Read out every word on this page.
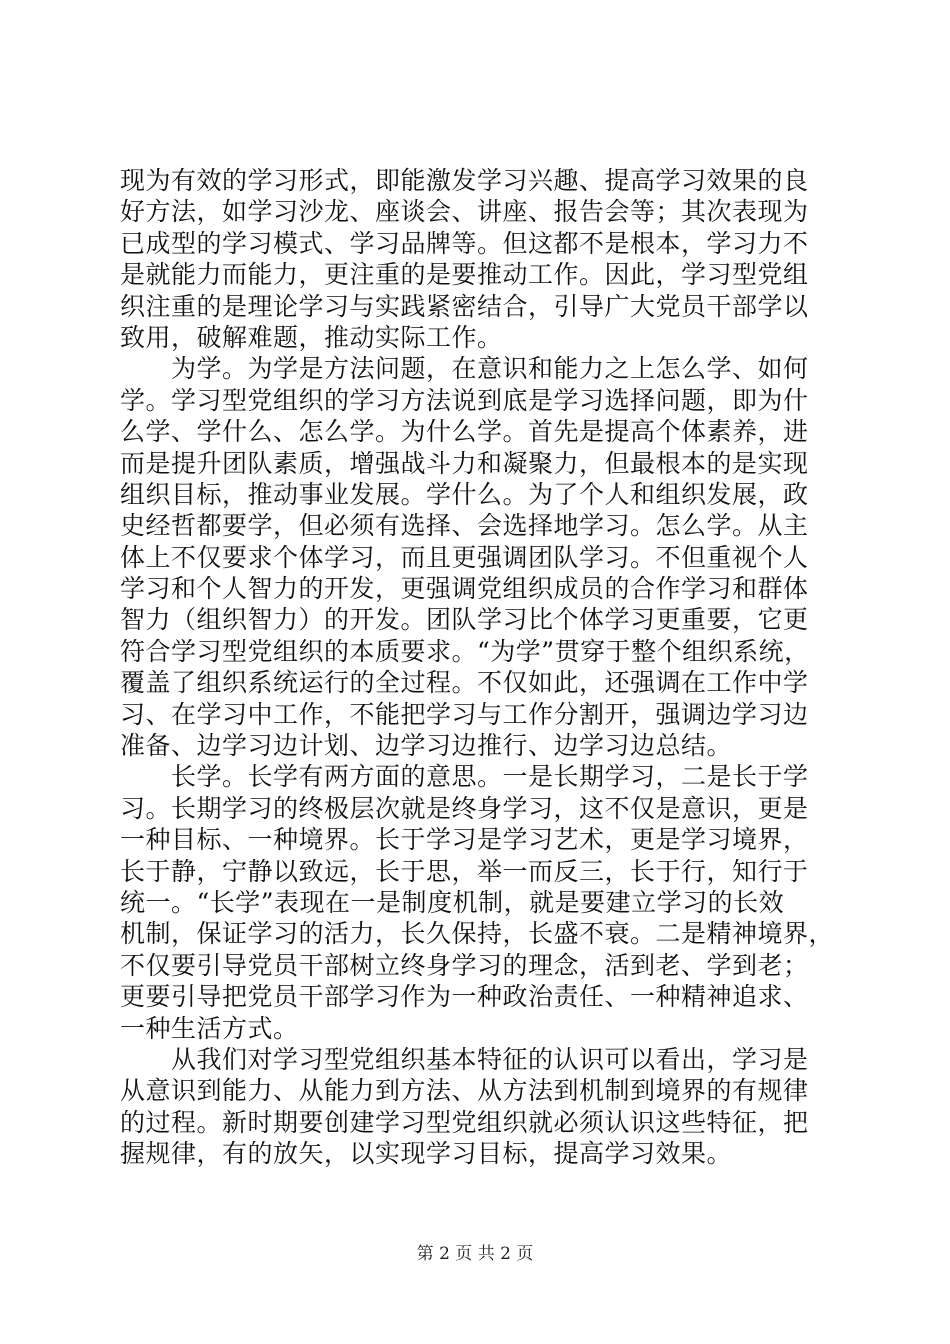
现为有效的学习形式，即能激发学习兴趣、提高学习效果的良
好方法，如学习沙龙、座谈会、讲座、报告会等；其次表现为
已成型的学习模式、学习品牌等。但这都不是根本，学习力不
是就能力而能力，更注重的是要推动工作。因此，学习型党组
织注重的是理论学习与实践紧密结合，引导广大党员干部学以
致用，破解难题，推动实际工作。
　　为学。为学是方法问题，在意识和能力之上怎么学、如何
学。学习型党组织的学习方法说到底是学习选择问题，即为什
么学、学什么、怎么学。为什么学。首先是提高个体素养，进
而是提升团队素质，增强战斗力和凝聚力，但最根本的是实现
组织目标，推动事业发展。学什么。为了个人和组织发展，政
史经哲都要学，但必须有选择、会选择地学习。怎么学。从主
体上不仅要求个体学习，而且更强调团队学习。不但重视个人
学习和个人智力的开发，更强调党组织成员的合作学习和群体
智力（组织智力）的开发。团队学习比个体学习更重要，它更
符合学习型党组织的本质要求。“为学”贯穿于整个组织系统，
覆盖了组织系统运行的全过程。不仅如此，还强调在工作中学
习、在学习中工作，不能把学习与工作分割开，强调边学习边
准备、边学习边计划、边学习边推行、边学习边总结。
　　长学。长学有两方面的意思。一是长期学习，二是长于学
习。长期学习的终极层次就是终身学习，这不仅是意识，更是
一种目标、一种境界。长于学习是学习艺术，更是学习境界，
长于静，宁静以致远，长于思，举一而反三，长于行，知行于
统一。“长学”表现在一是制度机制，就是要建立学习的长效
机制，保证学习的活力，长久保持，长盛不衰。二是精神境界，
不仅要引导党员干部树立终身学习的理念，活到老、学到老；
更要引导把党员干部学习作为一种政治责任、一种精神追求、
一种生活方式。
　　从我们对学习型党组织基本特征的认识可以看出，学习是
从意识到能力、从能力到方法、从方法到机制到境界的有规律
的过程。新时期要创建学习型党组织就必须认识这些特征，把
握规律，有的放矢，以实现学习目标，提高学习效果。
第 2 页 共 2 页
